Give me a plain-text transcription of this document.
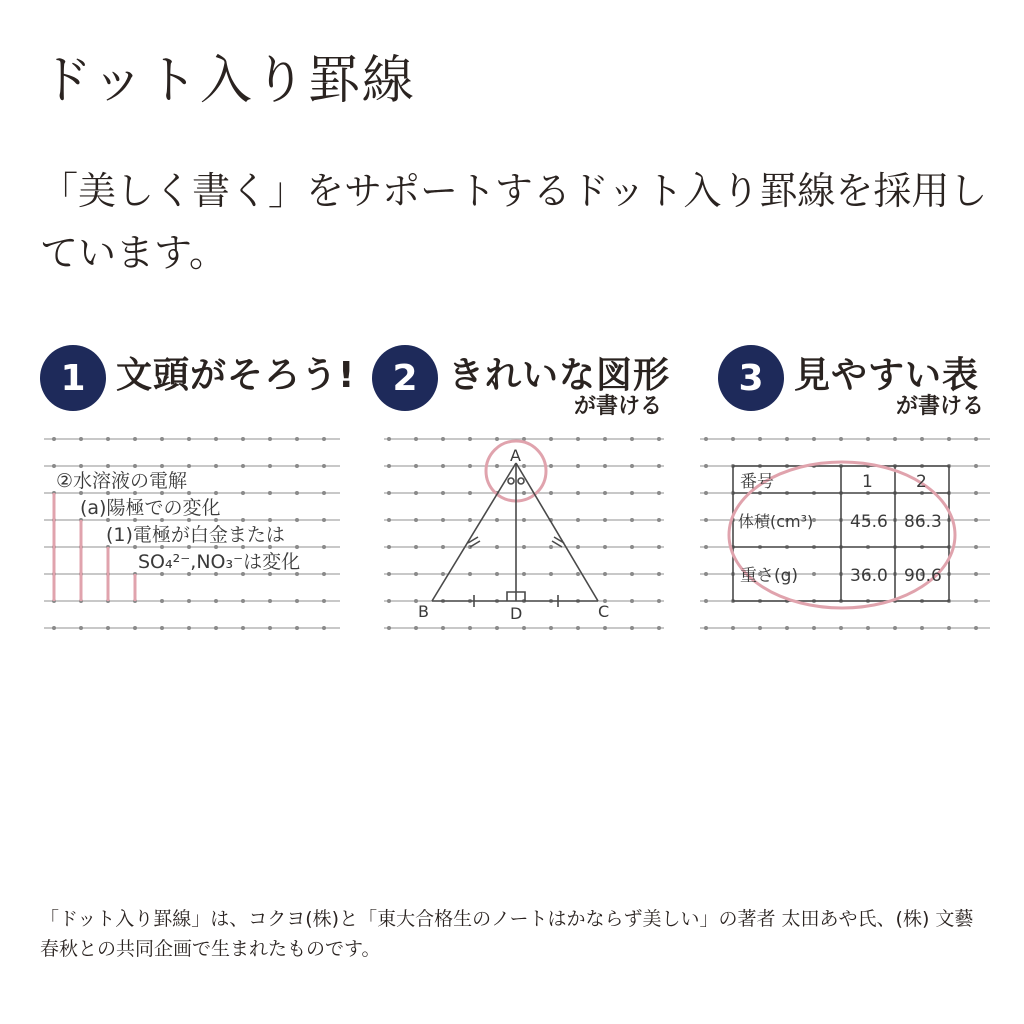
ドット入り罫線
「美しく書く」をサポートするドット入り罫線を採用しています。
1 文頭がそろう!	2 きれいな図形
が書ける
3 見やすい表
が書ける
②水溶液の電解
(a)陽極での変化
(1)電極が白金または
SO₄²⁻,NO₃⁻は変化
A
B	C
D
番号	1	2
体積(cm³) 45.6 86.3
重さ(g)	36.0 90.6
「ドット入り罫線」は、コクヨ(株)と「東大合格生のノートはかならず美しい」の著者 太田あや氏、(株) 文藝春秋との共同企画で生まれたものです。
